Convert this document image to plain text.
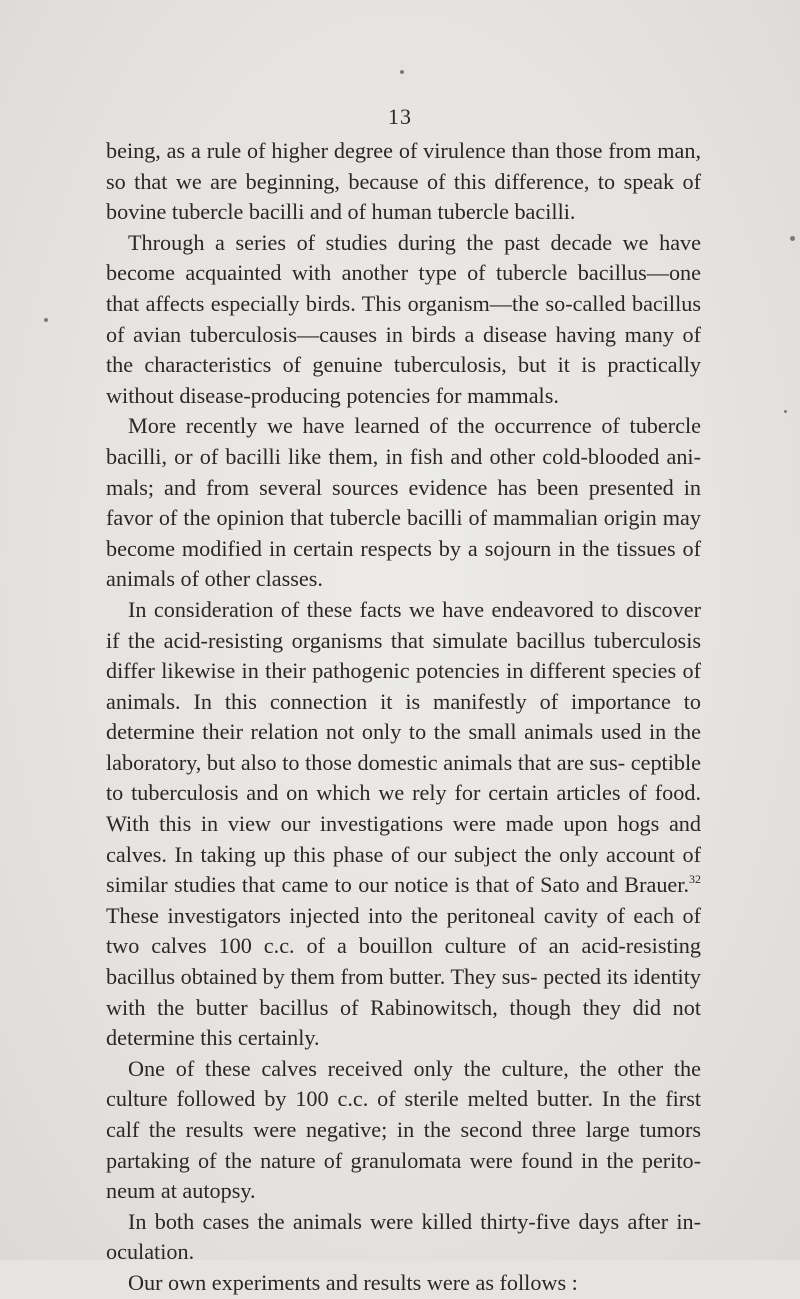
13

being, as a rule of higher degree of virulence than those from man, so that we are beginning, because of this difference, to speak of bovine tubercle bacilli and of human tubercle bacilli.

Through a series of studies during the past decade we have become acquainted with another type of tubercle bacillus—one that affects especially birds. This organism—the so-called bacillus of avian tuberculosis—causes in birds a disease having many of the characteristics of genuine tuberculosis, but it is practically without disease-producing potencies for mammals.

More recently we have learned of the occurrence of tubercle bacilli, or of bacilli like them, in fish and other cold-blooded ani- mals; and from several sources evidence has been presented in favor of the opinion that tubercle bacilli of mammalian origin may become modified in certain respects by a sojourn in the tissues of animals of other classes.

In consideration of these facts we have endeavored to discover if the acid-resisting organisms that simulate bacillus tuberculosis differ likewise in their pathogenic potencies in different species of animals. In this connection it is manifestly of importance to determine their relation not only to the small animals used in the laboratory, but also to those domestic animals that are sus- ceptible to tuberculosis and on which we rely for certain articles of food. With this in view our investigations were made upon hogs and calves. In taking up this phase of our subject the only account of similar studies that came to our notice is that of Sato and Brauer.$^{32}$ These investigators injected into the peritoneal cavity of each of two calves 100 c.c. of a bouillon culture of an acid-resisting bacillus obtained by them from butter. They sus- pected its identity with the butter bacillus of Rabinowitsch, though they did not determine this certainly.

One of these calves received only the culture, the other the culture followed by 100 c.c. of sterile melted butter. In the first calf the results were negative; in the second three large tumors partaking of the nature of granulomata were found in the perito- neum at autopsy.

In both cases the animals were killed thirty-five days after in- oculation.

Our own experiments and results were as follows :
